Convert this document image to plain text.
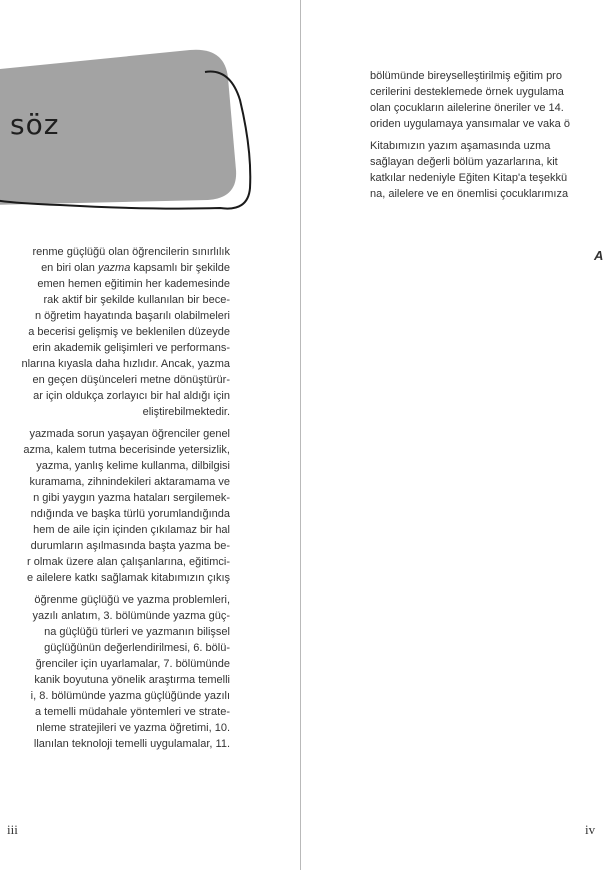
söz
renme güçlüğü olan öğrencilerin sınırlılık
en biri olan yazma kapsamlı bir şekilde
emen hemen eğitimin her kademesinde
rak aktif bir şekilde kullanılan bir bece-
n öğretim hayatında başarılı olabilmeleri
a becerisi gelişmiş ve beklenilen düzeyde
erin akademik gelişimleri ve performans-
nlarına kıyasla daha hızlıdır. Ancak, yazma
en geçen düşünceleri metne dönüştürür-
ar için oldukça zorlayıcı bir hal aldığı için
eliştirebilmektedir.
yazmada sorun yaşayan öğrenciler genel
azma, kalem tutma becerisinde yetersizlik,
yazma, yanlış kelime kullanma, dilbilgisi
kuramama, zihnindekileri aktaramama ve
n gibi yaygın yazma hataları sergilemek-
ndığında ve başka türlü yorumlandığında
hem de aile için içinden çıkılamaz bir hal
durumların aşılmasında başta yazma be-
r olmak üzere alan çalışanlarına, eğitimci-
e ailelere katkı sağlamak kitabımızın çıkış
öğrenme güçlüğü ve yazma problemleri,
yazılı anlatım, 3. bölümünde yazma güç-
na güçlüğü türleri ve yazmanın bilişsel
güçlüğünün değerlendirilmesi, 6. bölü-
ğrenciler için uyarlamalar, 7. bölümünde
kanik boyutuna yönelik araştırma temelli
i, 8. bölümünde yazma güçlüğünde yazılı
a temelli müdahale yöntemleri ve strate-
nleme stratejileri ve yazma öğretimi, 10.
llanılan teknoloji temelli uygulamalar, 11.
bölümünde bireyselleştirilmiş eğitim pro
cerilerini desteklemede örnek uygulama
olan çocukların ailelerine öneriler ve 14.
oriden uygulamaya yansımalar ve vaka ö
Kitabımızın yazım aşamasında uzma
sağlayan değerli bölüm yazarlarına, kit
katkılar nedeniyle Eğiten Kitap'a teşekkü
na, ailelere ve en önemlisi çocuklarımıza
A
iii	iv
